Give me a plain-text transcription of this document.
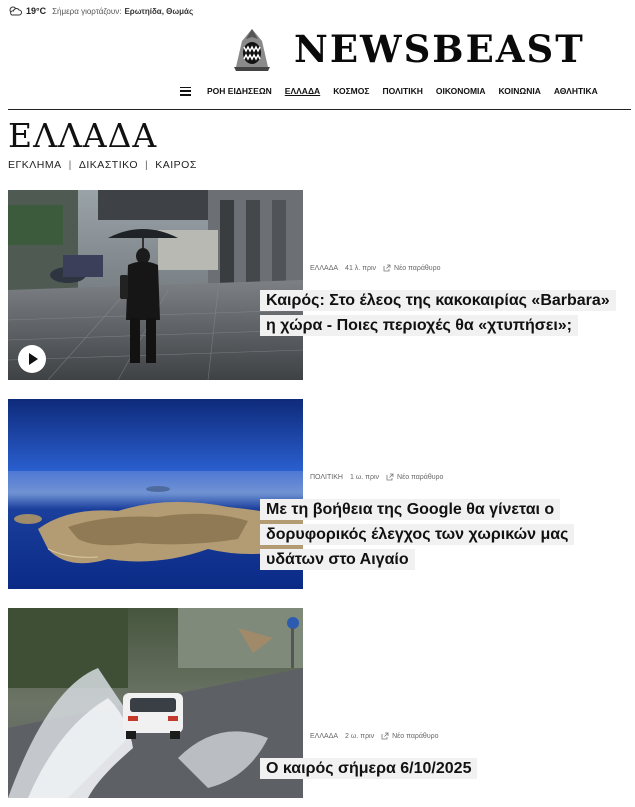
19°C Σήμερα γιορτάζουν: Ερωτηίδα, Θωμάς
NEWSBEAST
ΡΟΗ ΕΙΔΗΣΕΩΝ ΕΛΛΑΔΑ ΚΟΣΜΟΣ ΠΟΛΙΤΙΚΗ ΟΙΚΟΝΟΜΙΑ ΚΟΙΝΩΝΙΑ ΑΘΛΗΤΙΚΑ
ΕΛΛΑΔΑ
ΕΓΚΛΗΜΑ | ΔΙΚΑΣΤΙΚΟ | ΚΑΙΡΟΣ
ΕΛΛΑΔΑ 41 λ. πριν	Νέο παράθυρο
Καιρός: Στο έλεος της κακοκαιρίας «Barbara» η χώρα - Ποιες περιοχές θα «χτυπήσει»;
ΠΟΛΙΤΙΚΗ 1 ω. πριν	Νέο παράθυρο
Με τη βοήθεια της Google θα γίνεται ο δορυφορικός έλεγχος των χωρικών μας υδάτων στο Αιγαίο
ΕΛΛΑΔΑ 2 ω. πριν	Νέο παράθυρο
Ο καιρός σήμερα 6/10/2025
